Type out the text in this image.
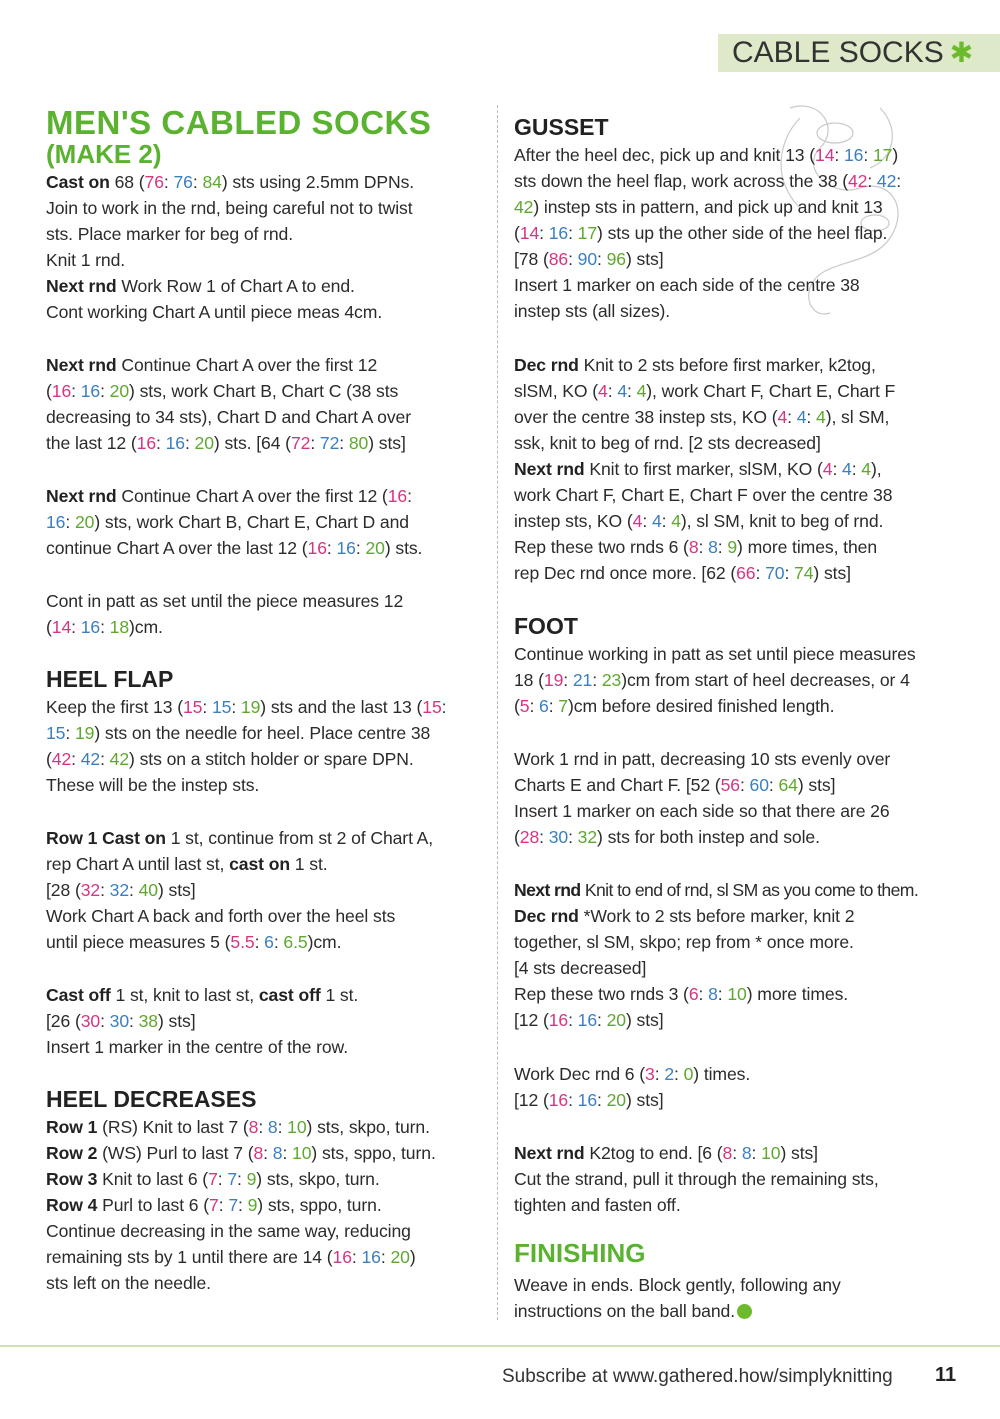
CABLE SOCKS ✱
MEN'S CABLED SOCKS
(MAKE 2)
Cast on 68 (76: 76: 84) sts using 2.5mm DPNs.
Join to work in the rnd, being careful not to twist
sts. Place marker for beg of rnd.
Knit 1 rnd.
Next rnd Work Row 1 of Chart A to end.
Cont working Chart A until piece meas 4cm.
Next rnd Continue Chart A over the first 12
(16: 16: 20) sts, work Chart B, Chart C (38 sts
decreasing to 34 sts), Chart D and Chart A over
the last 12 (16: 16: 20) sts. [64 (72: 72: 80) sts]
Next rnd Continue Chart A over the first 12 (16:
16: 20) sts, work Chart B, Chart E, Chart D and
continue Chart A over the last 12 (16: 16: 20) sts.
Cont in patt as set until the piece measures 12
(14: 16: 18)cm.
HEEL FLAP
Keep the first 13 (15: 15: 19) sts and the last 13 (15:
15: 19) sts on the needle for heel. Place centre 38
(42: 42: 42) sts on a stitch holder or spare DPN.
These will be the instep sts.
Row 1 Cast on 1 st, continue from st 2 of Chart A,
rep Chart A until last st, cast on 1 st.
[28 (32: 32: 40) sts]
Work Chart A back and forth over the heel sts
until piece measures 5 (5.5: 6: 6.5)cm.
Cast off 1 st, knit to last st, cast off 1 st.
[26 (30: 30: 38) sts]
Insert 1 marker in the centre of the row.
HEEL DECREASES
Row 1 (RS) Knit to last 7 (8: 8: 10) sts, skpo, turn.
Row 2 (WS) Purl to last 7 (8: 8: 10) sts, sppo, turn.
Row 3 Knit to last 6 (7: 7: 9) sts, skpo, turn.
Row 4 Purl to last 6 (7: 7: 9) sts, sppo, turn.
Continue decreasing in the same way, reducing
remaining sts by 1 until there are 14 (16: 16: 20)
sts left on the needle.
GUSSET
After the heel dec, pick up and knit 13 (14: 16: 17)
sts down the heel flap, work across the 38 (42: 42:
42) instep sts in pattern, and pick up and knit 13
(14: 16: 17) sts up the other side of the heel flap.
[78 (86: 90: 96) sts]
Insert 1 marker on each side of the centre 38
instep sts (all sizes).
Dec rnd Knit to 2 sts before first marker, k2tog,
slSM, KO (4: 4: 4), work Chart F, Chart E, Chart F
over the centre 38 instep sts, KO (4: 4: 4), sl SM,
ssk, knit to beg of rnd. [2 sts decreased]
Next rnd Knit to first marker, slSM, KO (4: 4: 4),
work Chart F, Chart E, Chart F over the centre 38
instep sts, KO (4: 4: 4), sl SM, knit to beg of rnd.
Rep these two rnds 6 (8: 8: 9) more times, then
rep Dec rnd once more. [62 (66: 70: 74) sts]
FOOT
Continue working in patt as set until piece measures
18 (19: 21: 23)cm from start of heel decreases, or 4
(5: 6: 7)cm before desired finished length.
Work 1 rnd in patt, decreasing 10 sts evenly over
Charts E and Chart F. [52 (56: 60: 64) sts]
Insert 1 marker on each side so that there are 26
(28: 30: 32) sts for both instep and sole.
Next rnd Knit to end of rnd, sl SM as you come to them.
Dec rnd *Work to 2 sts before marker, knit 2
together, sl SM, skpo; rep from * once more.
[4 sts decreased]
Rep these two rnds 3 (6: 8: 10) more times.
[12 (16: 16: 20) sts]
Work Dec rnd 6 (3: 2: 0) times.
[12 (16: 16: 20) sts]
Next rnd K2tog to end. [6 (8: 8: 10) sts]
Cut the strand, pull it through the remaining sts,
tighten and fasten off.
FINISHING
Weave in ends. Block gently, following any
instructions on the ball band.
Subscribe at www.gathered.how/simplyknitting 11
